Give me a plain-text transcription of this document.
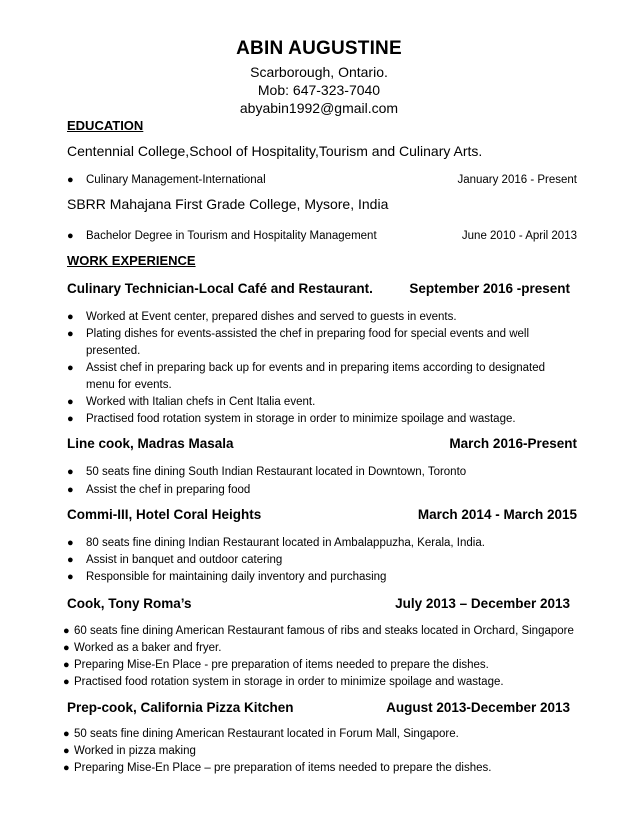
ABIN AUGUSTINE
Scarborough, Ontario.
Mob: 647-323-7040
abyabin1992@gmail.com
EDUCATION
Centennial College,School of Hospitality,Tourism and Culinary Arts.
● Culinary Management-International	January 2016 - Present
SBRR Mahajana First Grade College, Mysore, India
● Bachelor Degree in Tourism and Hospitality Management	June 2010 - April 2013
WORK EXPERIENCE
Culinary Technician-Local Café and Restaurant.	September 2016 -present
● Worked at Event center, prepared dishes and served to guests in events.
● Plating dishes for events-assisted the chef in preparing food for special events and well
presented.
● Assist chef in preparing back up for events and in preparing items according to designated
menu for events.
● Worked with Italian chefs in Cent Italia event.
● Practised food rotation system in storage in order to minimize spoilage and wastage.
Line cook, Madras Masala	March 2016-Present
● 50 seats fine dining South Indian Restaurant located in Downtown, Toronto
● Assist the chef in preparing food
Commi-III, Hotel Coral Heights	March 2014 - March 2015
● 80 seats fine dining Indian Restaurant located in Ambalappuzha, Kerala, India.
● Assist in banquet and outdoor catering
● Responsible for maintaining daily inventory and purchasing
Cook, Tony Roma’s	July 2013 – December 2013
● 60 seats fine dining American Restaurant famous of ribs and steaks located in Orchard, Singapore
● Worked as a baker and fryer.
● Preparing Mise-En Place - pre preparation of items needed to prepare the dishes.
● Practised food rotation system in storage in order to minimize spoilage and wastage.
Prep-cook, California Pizza Kitchen	August 2013-December 2013
● 50 seats fine dining American Restaurant located in Forum Mall, Singapore.
● Worked in pizza making
● Preparing Mise-En Place – pre preparation of items needed to prepare the dishes.
